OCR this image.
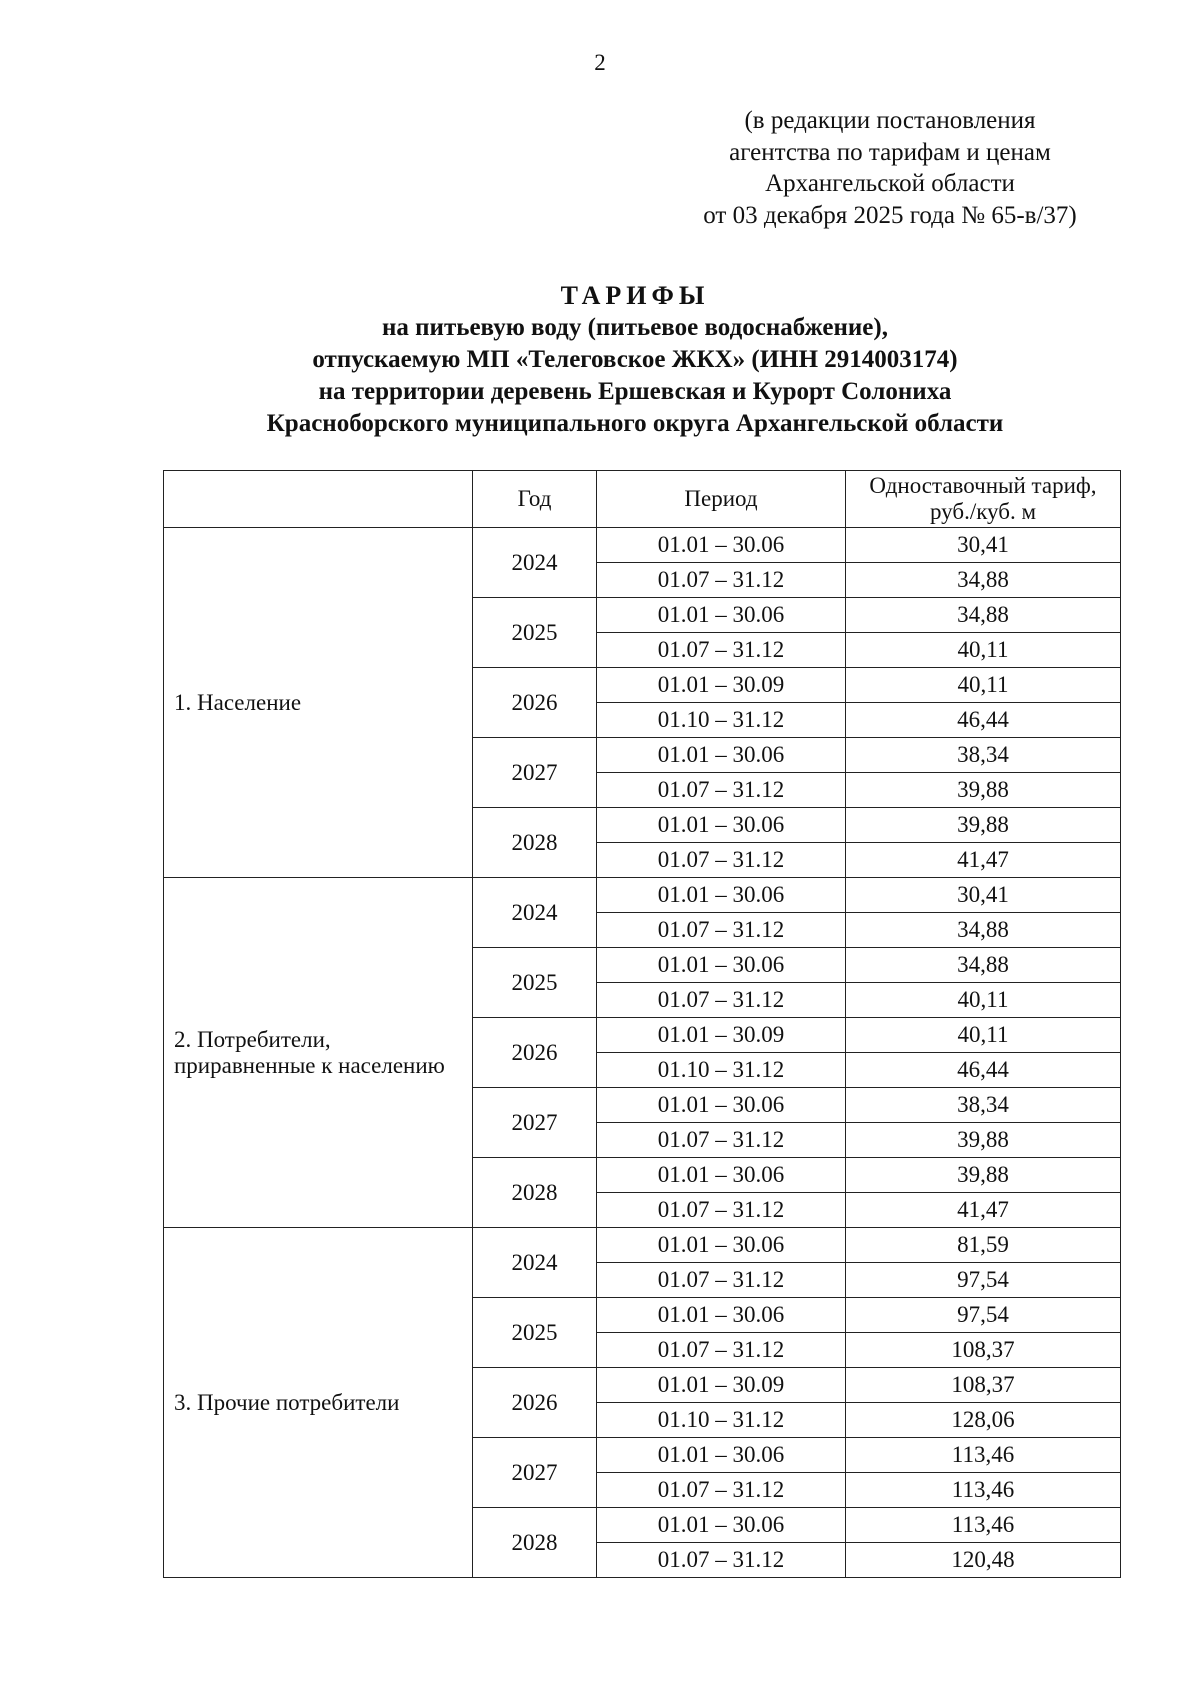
2
(в редакции постановления
агентства по тарифам и ценам
Архангельской области
от 03 декабря 2025 года № 65-в/37)
ТАРИФЫ
на питьевую воду (питьевое водоснабжение),
отпускаемую МП «Телеговское ЖКХ» (ИНН 2914003174)
на территории деревень Ершевская и Курорт Солониха
Красноборского муниципального округа Архангельской области
	Год	Период	Одноставочный тариф, руб./куб. м

1. Население	2024	01.01 – 30.06	30,41
		01.07 – 31.12	34,88
	2025	01.01 – 30.06	34,88
		01.07 – 31.12	40,11
	2026	01.01 – 30.09	40,11
		01.10 – 31.12	46,44
	2027	01.01 – 30.06	38,34
		01.07 – 31.12	39,88
	2028	01.01 – 30.06	39,88
		01.07 – 31.12	41,47

2. Потребители,
приравненные к населению	2024	01.01 – 30.06	30,41
		01.07 – 31.12	34,88
	2025	01.01 – 30.06	34,88
		01.07 – 31.12	40,11
	2026	01.01 – 30.09	40,11
		01.10 – 31.12	46,44
	2027	01.01 – 30.06	38,34
		01.07 – 31.12	39,88
	2028	01.01 – 30.06	39,88
		01.07 – 31.12	41,47

3. Прочие потребители	2024	01.01 – 30.06	81,59
		01.07 – 31.12	97,54
	2025	01.01 – 30.06	97,54
		01.07 – 31.12	108,37
	2026	01.01 – 30.09	108,37
		01.10 – 31.12	128,06
	2027	01.01 – 30.06	113,46
		01.07 – 31.12	113,46
	2028	01.01 – 30.06	113,46
		01.07 – 31.12	120,48
